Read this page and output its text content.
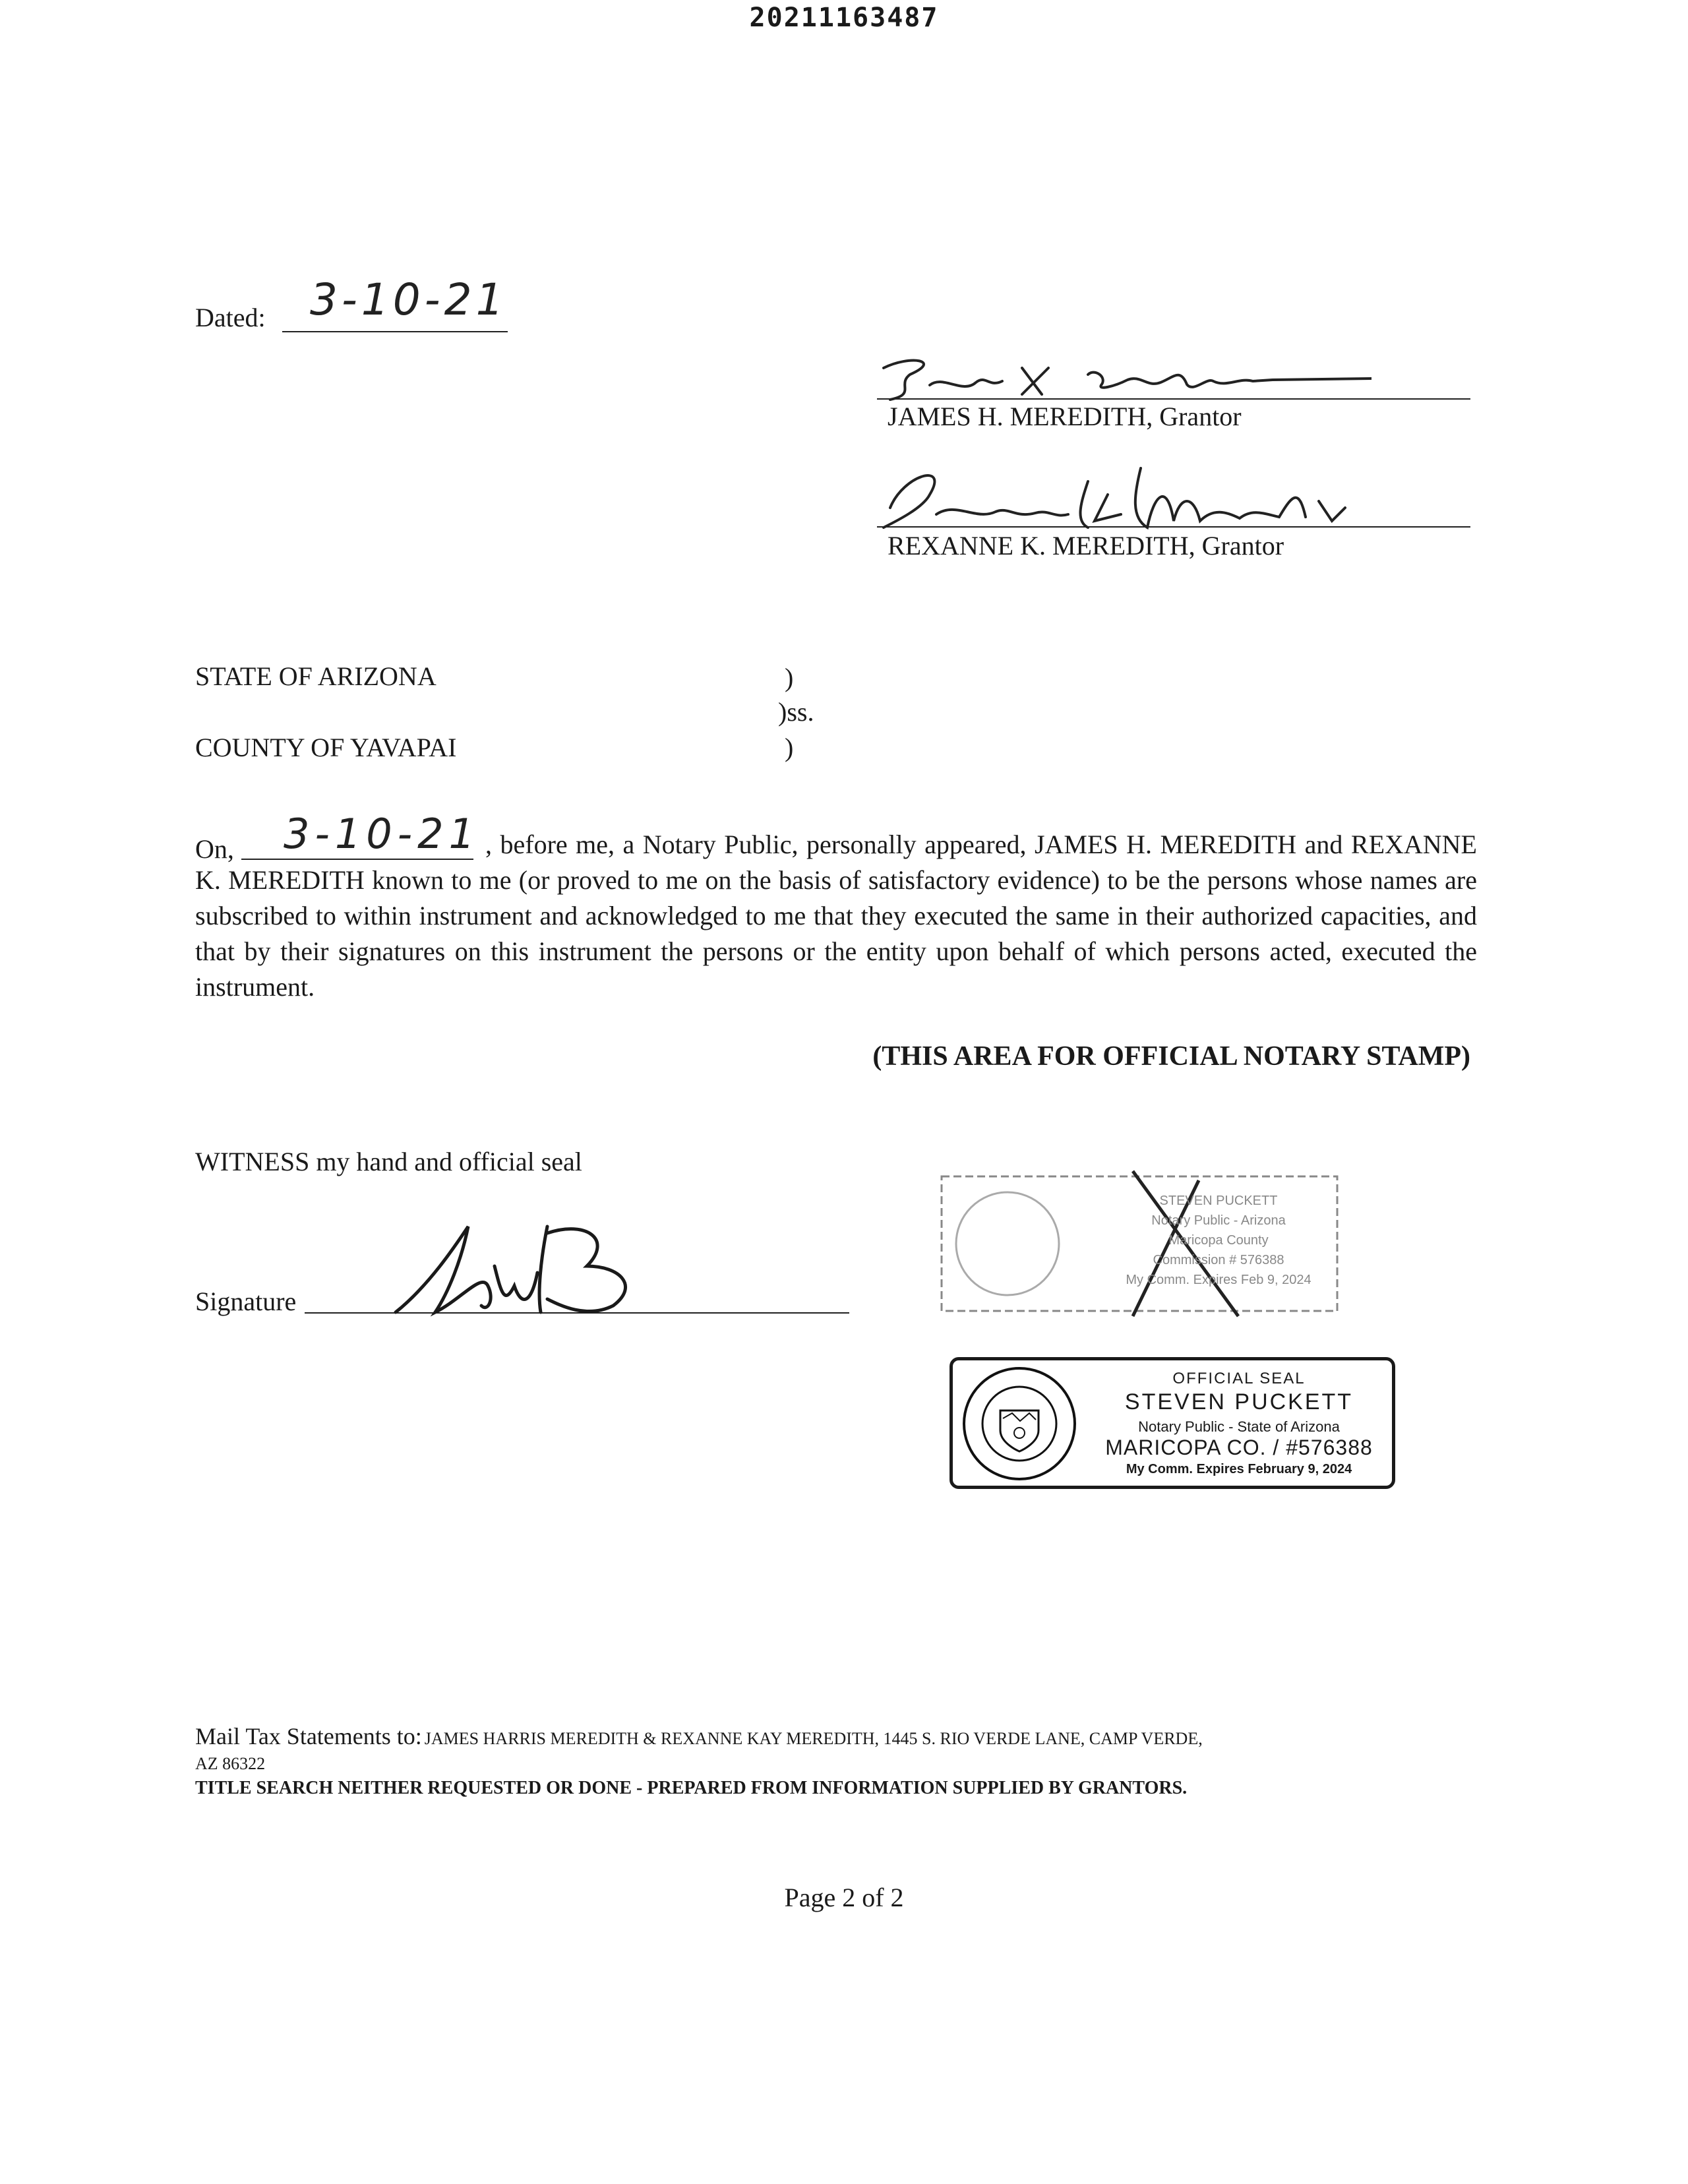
20211163487
Dated: 3-10-21
JAMES H. MEREDITH, Grantor
REXANNE K. MEREDITH, Grantor
STATE OF ARIZONA
COUNTY OF YAVAPAI
)
)ss.
)
On, 3-10-21 , before me, a Notary Public, personally appeared, JAMES H. MEREDITH and REXANNE K. MEREDITH known to me (or proved to me on the basis of satisfactory evidence) to be the persons whose names are subscribed to within instrument and acknowledged to me that they executed the same in their authorized capacities, and that by their signatures on this instrument the persons or the entity upon behalf of which persons acted, executed the instrument.
(THIS AREA FOR OFFICIAL NOTARY STAMP)
WITNESS my hand and official seal
Signature
STEVEN PUCKETT
Notary Public - Arizona
Maricopa County
Commission # 576388
My Comm. Expires Feb 9, 2024
OFFICIAL SEAL
STEVEN PUCKETT
Notary Public - State of Arizona
MARICOPA CO. / #576388
My Comm. Expires February 9, 2024
Mail Tax Statements to: JAMES HARRIS MEREDITH & REXANNE KAY MEREDITH, 1445 S. RIO VERDE LANE, CAMP VERDE,
AZ 86322
TITLE SEARCH NEITHER REQUESTED OR DONE - PREPARED FROM INFORMATION SUPPLIED BY GRANTORS.
Page 2 of 2
